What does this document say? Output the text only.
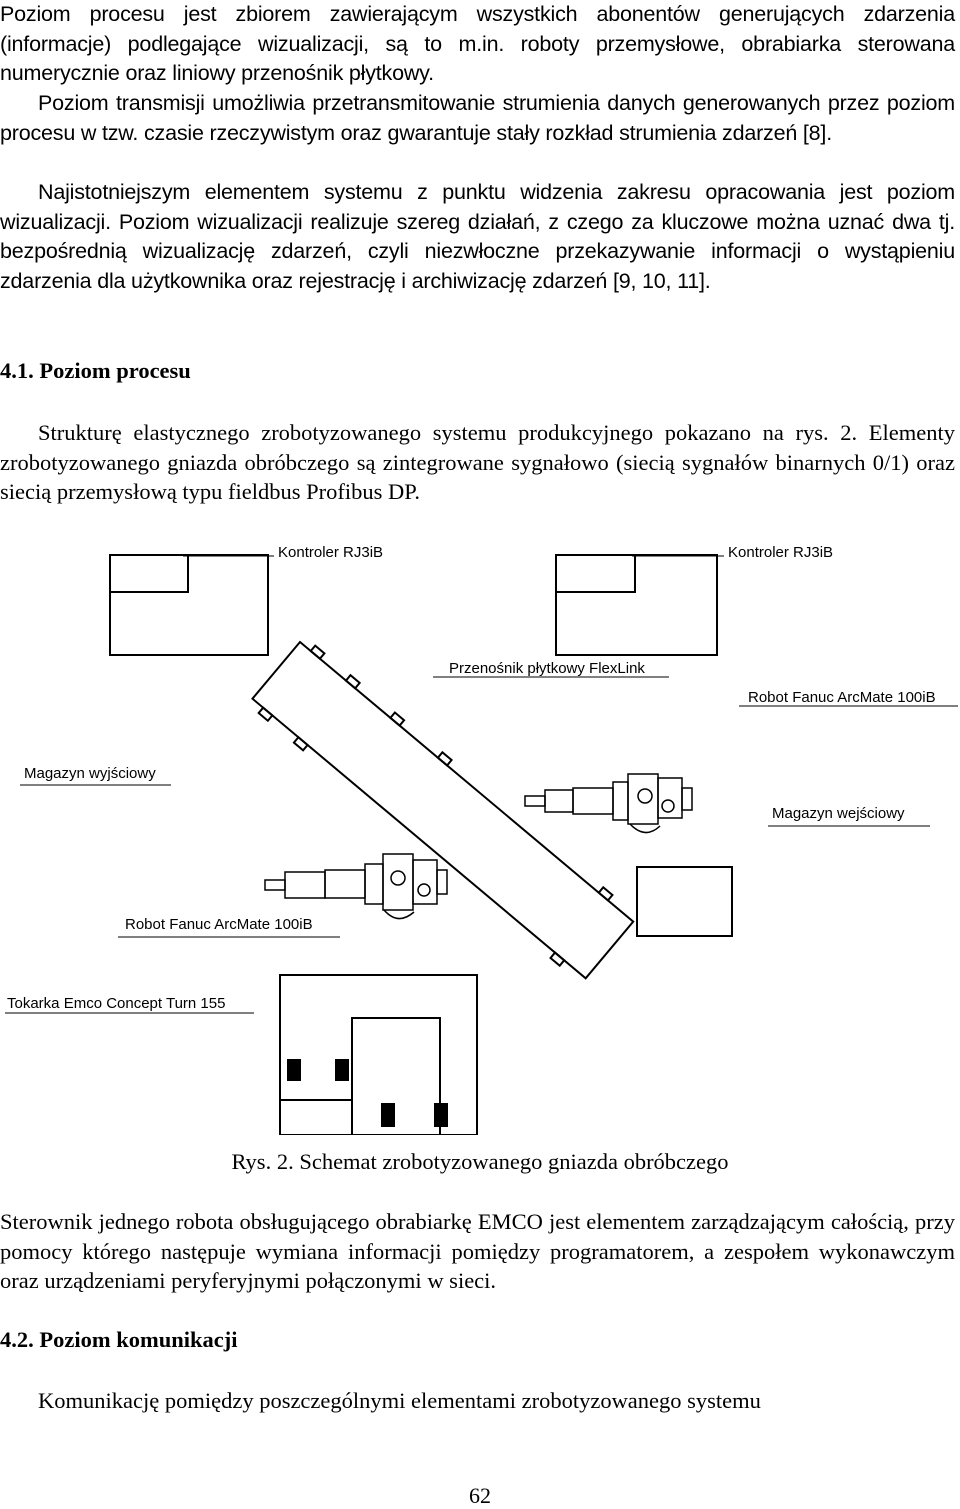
Poziom procesu jest zbiorem zawierającym wszystkich abonentów generujących zdarzenia (informacje) podlegające wizualizacji, są to m.in. roboty przemysłowe, obrabiarka sterowana numerycznie oraz liniowy przenośnik płytkowy.

Poziom transmisji umożliwia przetransmitowanie strumienia danych generowanych przez poziom procesu w tzw. czasie rzeczywistym oraz gwarantuje stały rozkład strumienia zdarzeń [8].

Najistotniejszym elementem systemu z punktu widzenia zakresu opracowania jest poziom wizualizacji. Poziom wizualizacji realizuje szereg działań, z czego za kluczowe można uznać dwa tj. bezpośrednią wizualizację zdarzeń, czyli niezwłoczne przekazywanie informacji o wystąpieniu zdarzenia dla użytkownika oraz rejestrację i archiwizację zdarzeń [9, 10, 11].

4.1. Poziom procesu

Strukturę elastycznego zrobotyzowanego systemu produkcyjnego pokazano na rys. 2. Elementy zrobotyzowanego gniazda obróbczego są zintegrowane sygnałowo (siecią sygnałów binarnych 0/1) oraz siecią przemysłową typu fieldbus Profibus DP.

Kontroler RJ3iB	Kontroler RJ3iB
Przenośnik płytkowy FlexLink
Robot Fanuc ArcMate 100iB
Magazyn wyjściowy
Magazyn wejściowy
Robot Fanuc ArcMate 100iB
Tokarka Emco Concept Turn 155

Rys. 2. Schemat zrobotyzowanego gniazda obróbczego

Sterownik jednego robota obsługującego obrabiarkę EMCO jest elementem zarządzającym całością, przy pomocy którego następuje wymiana informacji pomiędzy programatorem, a zespołem wykonawczym oraz urządzeniami peryferyjnymi połączonymi w sieci.

4.2. Poziom komunikacji

Komunikację pomiędzy poszczególnymi elementami zrobotyzowanego systemu

62
